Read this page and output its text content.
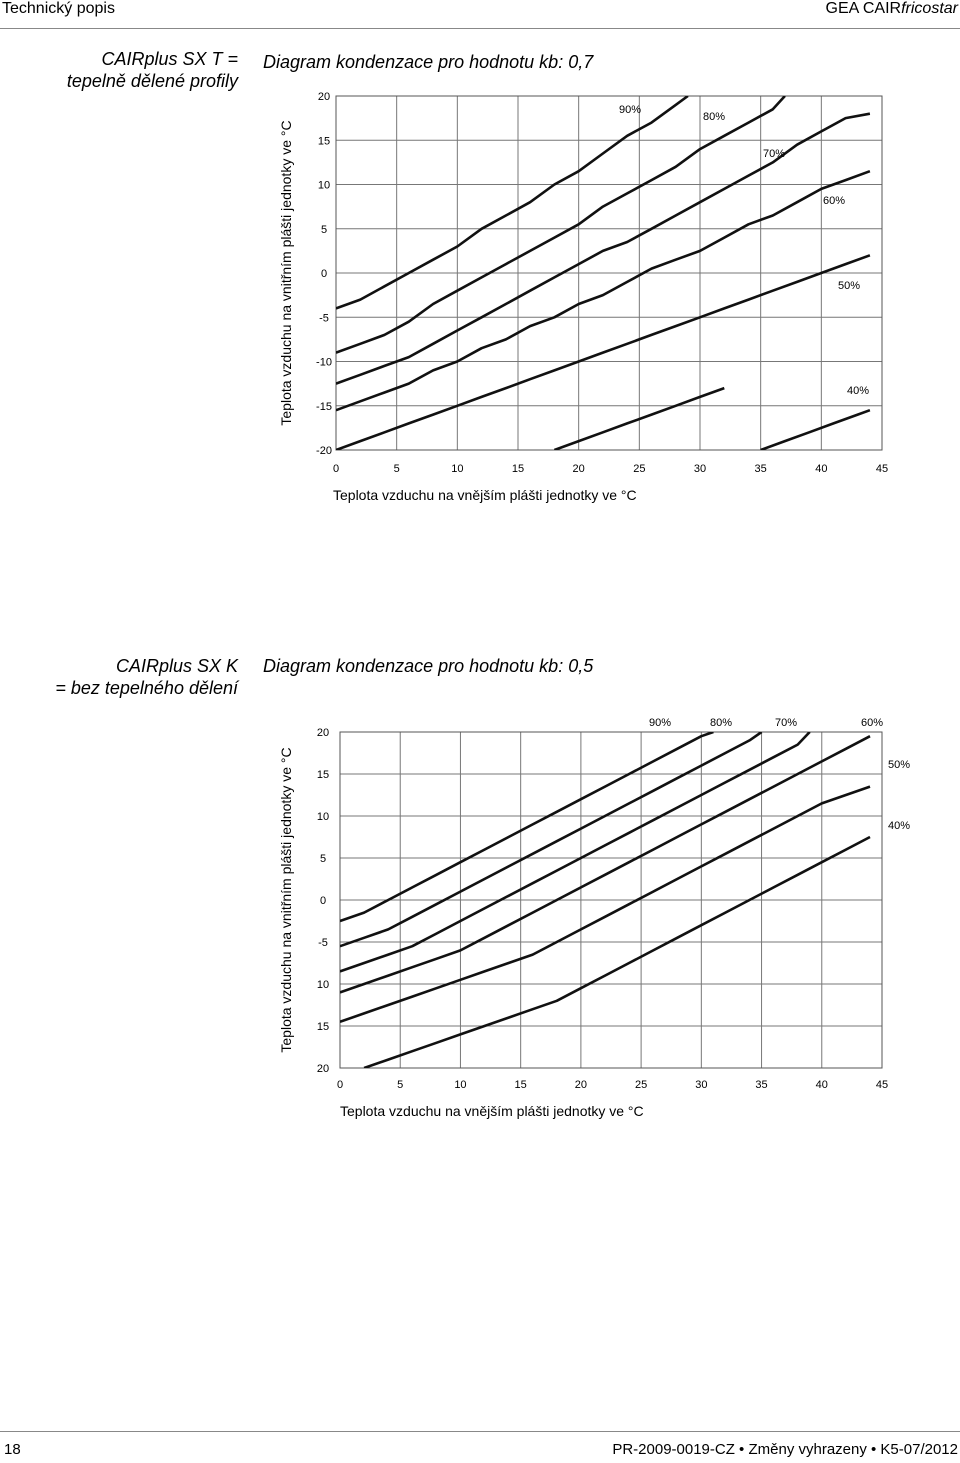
Technický popis	GEA CAIRfricostar
CAIRplus SX T =
tepelně dělené profily
Diagram kondenzace pro hodnotu kb: 0,7
0	5	10	15	20	25	30	35	40	45
20
15
10
5
0
-5
-10
-15
-20
Teplota vzduchu na vnějším plášti jednotky ve °C
Teplota vzduchu na vnitřním plášti jednotky ve °C
90%
80%
70%
60%
50%
40%
CAIRplus SX K
= bez tepelného dělení
Diagram kondenzace pro hodnotu kb: 0,5
0	5	10	15	20	25	30	35	40	45
20
15
10
5
0
-5
10
15
20
Teplota vzduchu na vnějším plášti jednotky ve °C
Teplota vzduchu na vnitřním plášti jednotky ve °C
90%	80%	70%	60%
50%
40%
18	PR-2009-0019-CZ • Změny vyhrazeny • K5-07/2012
